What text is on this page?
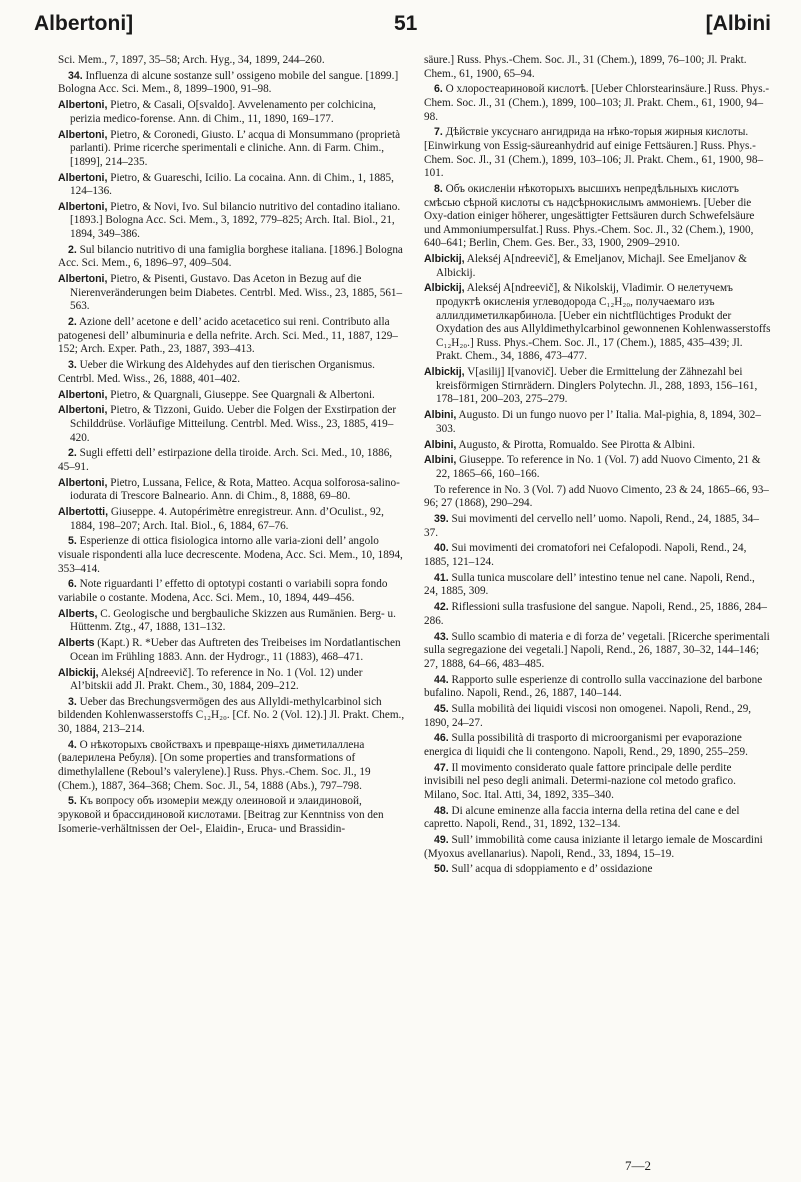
Albertoni]	51	[Albini

Sci. Mem., 7, 1897, 35–58; Arch. Hyg., 34, 1899, 244–260.

34. Influenza di alcune sostanze sull’ ossigeno mobile del sangue. [1899.] Bologna Acc. Sci. Mem., 8, 1899–1900, 91–98.

Albertoni, Pietro, & Casali, O[svaldo]. Avvelenamento per colchicina, perizia medico-forense. Ann. di Chim., 11, 1890, 169–177.

Albertoni, Pietro, & Coronedi, Giusto. L’ acqua di Monsummano (proprietà parlanti). Prime ricerche sperimentali e cliniche. Ann. di Farm. Chim., [1899], 214–235.

Albertoni, Pietro, & Guareschi, Icilio. La cocaina. Ann. di Chim., 1, 1885, 124–136.

Albertoni, Pietro, & Novi, Ivo. Sul bilancio nutritivo del contadino italiano. [1893.] Bologna Acc. Sci. Mem., 3, 1892, 779–825; Arch. Ital. Biol., 21, 1894, 349–386.

2. Sul bilancio nutritivo di una famiglia borghese italiana. [1896.] Bologna Acc. Sci. Mem., 6, 1896–97, 409–504.

Albertoni, Pietro, & Pisenti, Gustavo. Das Aceton in Bezug auf die Nierenveränderungen beim Diabetes. Centrbl. Med. Wiss., 23, 1885, 561–563.

2. Azione dell’ acetone e dell’ acido acetacetico sui reni. Contributo alla patogenesi dell’ albuminuria e della nefrite. Arch. Sci. Med., 11, 1887, 129–152; Arch. Exper. Path., 23, 1887, 393–413.

3. Ueber die Wirkung des Aldehydes auf den tierischen Organismus. Centrbl. Med. Wiss., 26, 1888, 401–402.

Albertoni, Pietro, & Quargnali, Giuseppe. See Quargnali & Albertoni.

Albertoni, Pietro, & Tizzoni, Guido. Ueber die Folgen der Exstirpation der Schilddrüse. Vorläufige Mitteilung. Centrbl. Med. Wiss., 23, 1885, 419–420.

2. Sugli effetti dell’ estirpazione della tiroide. Arch. Sci. Med., 10, 1886, 45–91.

Albertoni, Pietro, Lussana, Felice, & Rota, Matteo. Acqua solforosa-salino-iodurata di Trescore Balneario. Ann. di Chim., 8, 1888, 69–80.

Albertotti, Giuseppe. 4. Autopérimètre enregistreur. Ann. d’Oculist., 92, 1884, 198–207; Arch. Ital. Biol., 6, 1884, 67–76.

5. Esperienze di ottica fisiologica intorno alle varia-zioni dell’ angolo visuale rispondenti alla luce decrescente. Modena, Acc. Sci. Mem., 10, 1894, 353–414.

6. Note riguardanti l’ effetto di optotypi costanti o variabili sopra fondo variabile o costante. Modena, Acc. Sci. Mem., 10, 1894, 449–456.

Alberts, C. Geologische und bergbauliche Skizzen aus Rumänien. Berg- u. Hüttenm. Ztg., 47, 1888, 131–132.

Alberts (Kapt.) R. *Ueber das Auftreten des Treibeises im Nordatlantischen Ocean im Frühling 1883. Ann. der Hydrogr., 11 (1883), 468–471.

Albickij, Alekséj A[ndreevič]. To reference in No. 1 (Vol. 12) under Al’bitskii add Jl. Prakt. Chem., 30, 1884, 209–212.

3. Ueber das Brechungsvermögen des aus Allyldi-methylcarbinol sich bildenden Kohlenwasserstoffs C₁₂H₂₀. [Cf. No. 2 (Vol. 12).] Jl. Prakt. Chem., 30, 1884, 213–214.

4. О нѣкоторыхъ свойствахъ и превраще-ніяхъ диметилаллена (валериленa Ребуля). [On some properties and transformations of dimethylallene (Reboul’s valerylene).] Russ. Phys.-Chem. Soc. Jl., 19 (Chem.), 1887, 364–368; Chem. Soc. Jl., 54, 1888 (Abs.), 797–798.

5. Къ вопросу объ изомеріи между олеиновой и элаидиновой, эруковой и брассидиновой кислотами. [Beitrag zur Kenntniss von den Isomerie-verhältnissen der Oel-, Elaidin-, Eruca- und Brassidin-

säure.] Russ. Phys.-Chem. Soc. Jl., 31 (Chem.), 1899, 76–100; Jl. Prakt. Chem., 61, 1900, 65–94.

6. О хлоростеариновой кислотѣ. [Ueber Chlorstearinsäure.] Russ. Phys.-Chem. Soc. Jl., 31 (Chem.), 1899, 100–103; Jl. Prakt. Chem., 61, 1900, 94–98.

7. Дѣйствіе уксуснаго ангидрида на нѣко-торыя жирныя кислоты. [Einwirkung von Essig-säureanhydrid auf einige Fettsäuren.] Russ. Phys.-Chem. Soc. Jl., 31 (Chem.), 1899, 103–106; Jl. Prakt. Chem., 61, 1900, 98–101.

8. Объ окисленіи нѣкоторыхъ высшихъ непредѣльныхъ кислотъ смѣсью сѣрной кислоты съ надсѣрнокислымъ аммоніемъ. [Ueber die Oxy-dation einiger höherer, ungesättigter Fettsäuren durch Schwefelsäure und Ammoniumpersulfat.] Russ. Phys.-Chem. Soc. Jl., 32 (Chem.), 1900, 640–641; Berlin, Chem. Ges. Ber., 33, 1900, 2909–2910.

Albickij, Alekséj A[ndreevič], & Emeljanov, Michajl. See Emeljanov & Albickij.

Albickij, Alekséj A[ndreevič], & Nikolskij, Vladimir. О нелетучемъ продуктѣ окисленія углеводорода C₁₂H₂₀, получаемаго изъ аллилдиметилкарбинола. [Ueber ein nichtflüchtiges Produkt der Oxydation des aus Allyldimethylcarbinol gewonnenen Kohlenwasserstoffs C₁₂H₂₀.] Russ. Phys.-Chem. Soc. Jl., 17 (Chem.), 1885, 435–439; Jl. Prakt. Chem., 34, 1886, 473–477.

Albickij, V[asilij] I[vanovič]. Ueber die Ermittelung der Zähnezahl bei kreisförmigen Stirnrädern. Dinglers Polytechn. Jl., 288, 1893, 156–161, 178–181, 200–203, 275–279.

Albini, Augusto. Di un fungo nuovo per l’ Italia. Mal-pighia, 8, 1894, 302–303.

Albini, Augusto, & Pirotta, Romualdo. See Pirotta & Albini.

Albini, Giuseppe. To reference in No. 1 (Vol. 7) add Nuovo Cimento, 21 & 22, 1865–66, 160–166.

To reference in No. 3 (Vol. 7) add Nuovo Cimento, 23 & 24, 1865–66, 93–96; 27 (1868), 290–294.

39. Sui movimenti del cervello nell’ uomo. Napoli, Rend., 24, 1885, 34–37.

40. Sui movimenti dei cromatofori nei Cefalopodi. Napoli, Rend., 24, 1885, 121–124.

41. Sulla tunica muscolare dell’ intestino tenue nel cane. Napoli, Rend., 24, 1885, 309.

42. Riflessioni sulla trasfusione del sangue. Napoli, Rend., 25, 1886, 284–286.

43. Sullo scambio di materia e di forza de’ vegetali. [Ricerche sperimentali sulla segregazione dei vegetali.] Napoli, Rend., 26, 1887, 30–32, 144–146; 27, 1888, 64–66, 483–485.

44. Rapporto sulle esperienze di controllo sulla vaccinazione del barbone bufalino. Napoli, Rend., 26, 1887, 140–144.

45. Sulla mobilità dei liquidi viscosi non omogenei. Napoli, Rend., 29, 1890, 24–27.

46. Sulla possibilità di trasporto di microorganismi per evaporazione energica di liquidi che li contengono. Napoli, Rend., 29, 1890, 255–259.

47. Il movimento considerato quale fattore principale delle perdite invisibili nel peso degli animali. Determi-nazione col metodo grafico. Milano, Soc. Ital. Atti, 34, 1892, 335–340.

48. Di alcune eminenze alla faccia interna della retina del cane e del capretto. Napoli, Rend., 31, 1892, 132–134.

49. Sull’ immobilità come causa iniziante il letargo iemale de Moscardini (Myoxus avellanarius). Napoli, Rend., 33, 1894, 15–19.

50. Sull’ acqua di sdoppiamento e d’ ossidazione

7—2
